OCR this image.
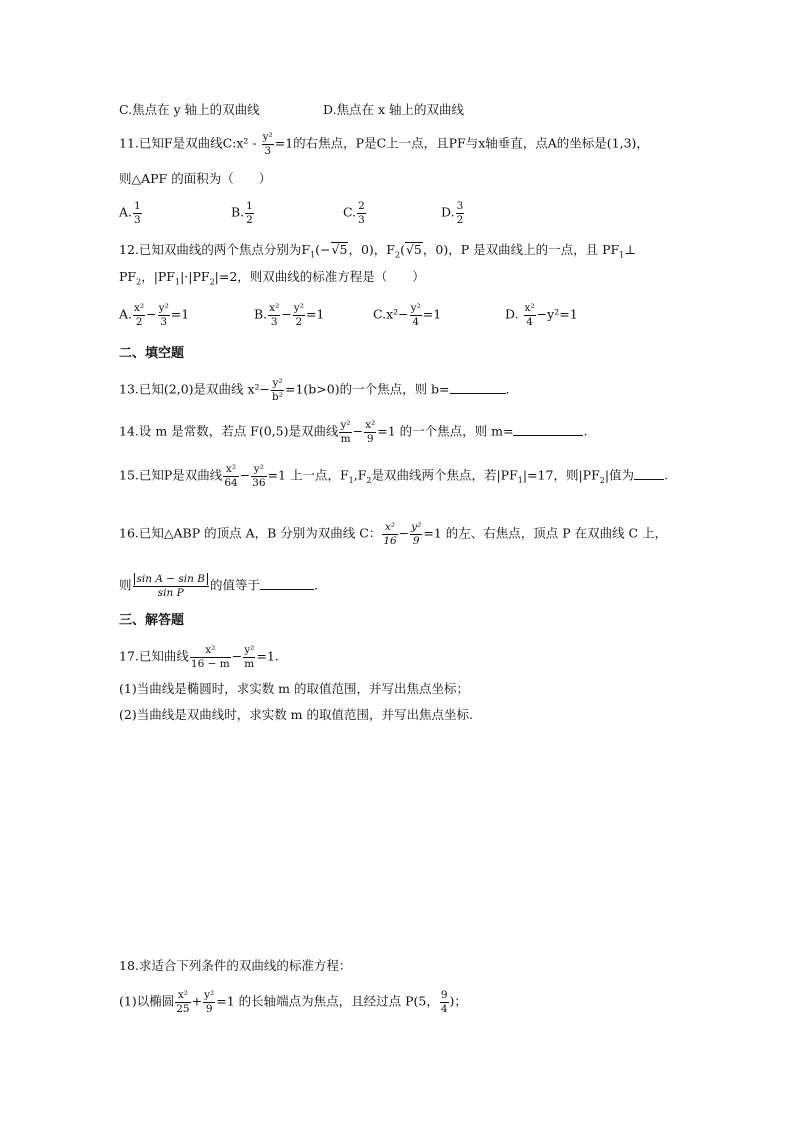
C.焦点在 y 轴上的双曲线	D.焦点在 x 轴上的双曲线
11.已知F是双曲线C:x² - $\frac{\text{y²}}{3} =1$的右焦点，P是C上一点，且PF与x轴垂直，点A的坐标是(1,3)，
则△APF 的面积为（　　）
A. $\frac{1}{3}$	B. $\frac{1}{2}$	C. $\frac{2}{3}$	D. $\frac{3}{2}$
12.已知双曲线的两个焦点分别为$F_1(-√5$，0)，$F_2(√5$，0)，P 是双曲线上的一点，且 $PF_1\perp$
$PF_2$，$|PF_1|\cdot|PF_2|=2$，则双曲线的标准方程是（　　）
A. $\frac{\text{x²}}{2} - \frac{\text{y²}}{3} =1$	B. $\frac{\text{x²}}{3} - \frac{\text{y²}}{2} =1$	$C.x^2- \frac{\text{y²}}{4} =1$	D. $\frac{\text{x²}}{4} -y^2=1$
二、填空题
13.已知(2,0)是双曲线 $x^2- \frac{\text{y²}}{\text{b²}} =1(b>0)$的一个焦点，则 b=	.
14.设 m 是常数，若点 F(0,5)是双曲线 $\frac{\text{y²}}{m} - \frac{\text{x²}}{9} =1$ 的一个焦点，则 m=	.
15.已知P是双曲线 $\frac{\text{x²}}{64} - \frac{\text{y²}}{36} =1$ 上一点，$F_1,F_2$是双曲线两个焦点，若$|PF_1|=17$，则$|PF_2|$值为 .
16.已知△ABP 的顶点 A，B 分别为双曲线 C： $\frac{\text{x²}}{16} - \frac{\text{y²}}{9} =1$ 的左、右焦点，顶点 P 在双曲线 C 上，
则 $\frac{\text{sin A − sin B}}{\text{sin P}}$ 的值等于	.
三、解答题
17.已知曲线 $\frac{\text{x²}}{16 - m} - \frac{\text{y²}}{m} =1$.
(1)当曲线是椭圆时，求实数 m 的取值范围，并写出焦点坐标；
(2)当曲线是双曲线时，求实数 m 的取值范围，并写出焦点坐标.
18.求适合下列条件的双曲线的标准方程：
(1)以椭圆 $\frac{\text{x²}}{25} + \frac{\text{y²}}{9} =1$ 的长轴端点为焦点，且经过点 P(5， $\frac{9}{4}$ )；
